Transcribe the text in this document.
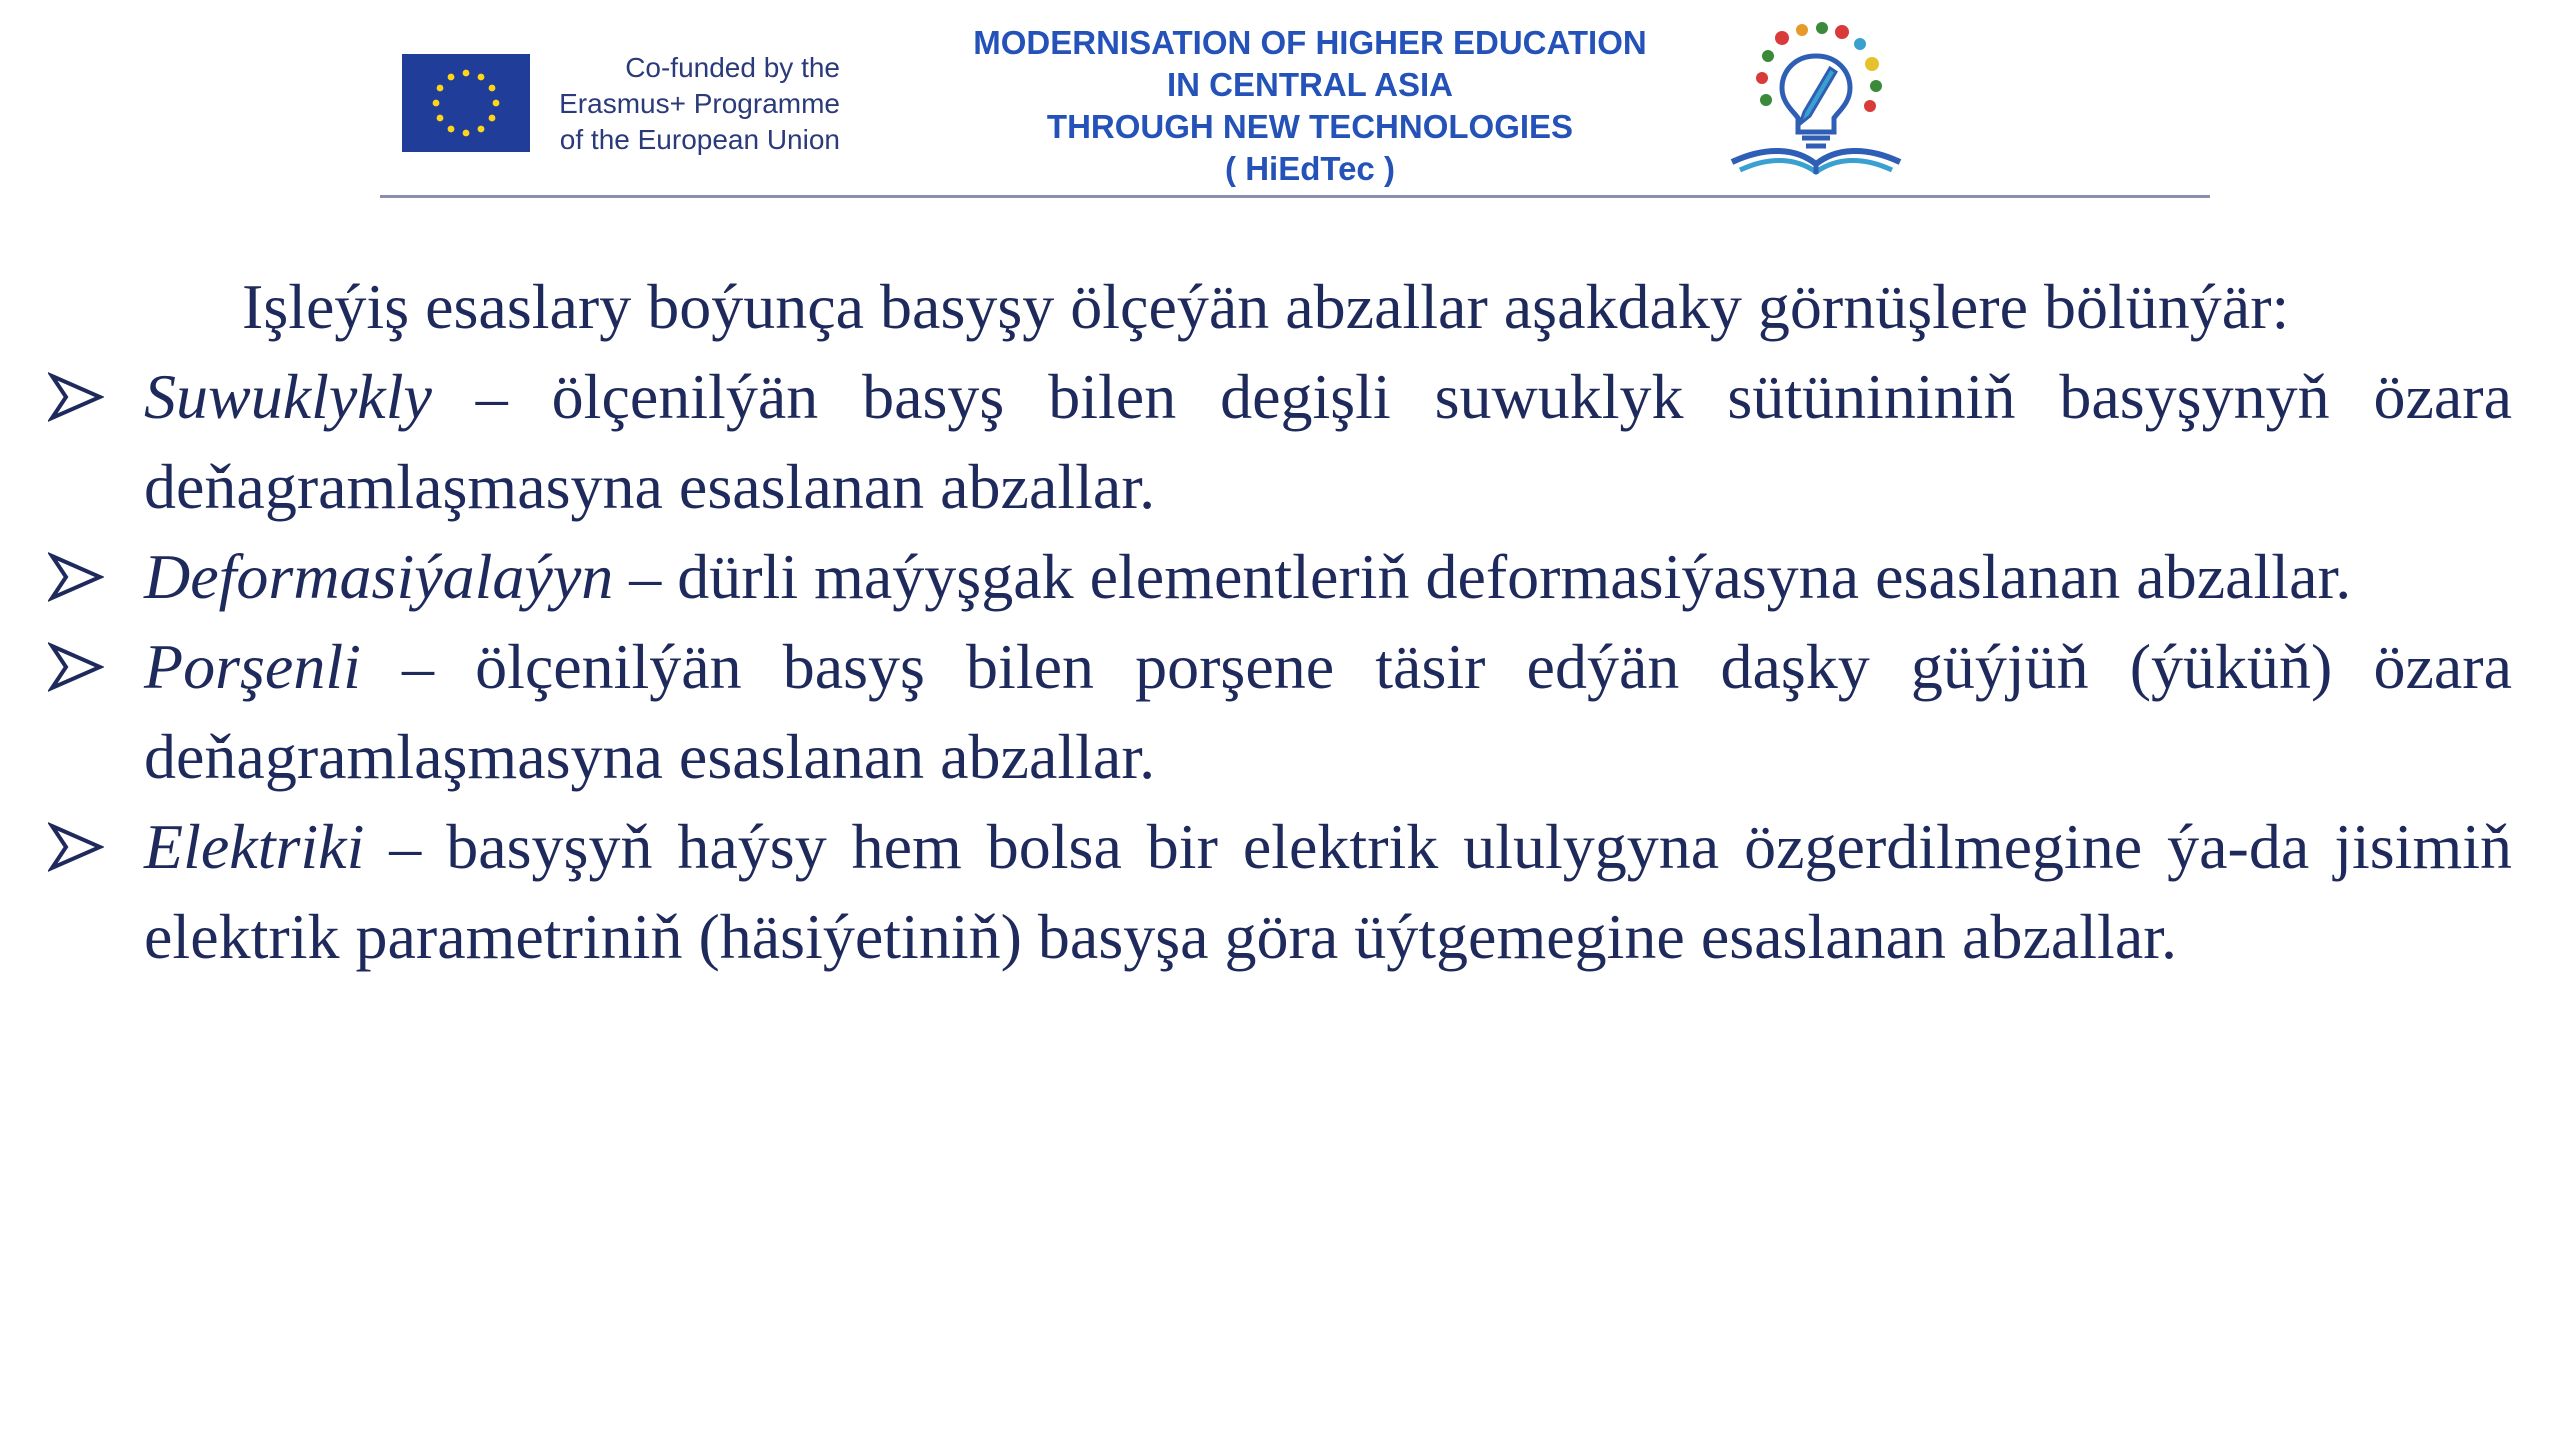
Co-funded by the
Erasmus+ Programme
of the European Union
MODERNISATION OF HIGHER EDUCATION
IN CENTRAL ASIA
THROUGH NEW TECHNOLOGIES
( HiEdTec )

Işleýiş esaslary boýunça basyşy ölçeýän abzallar aşakdaky görnüşlere bölünýär:

Suwuklykly – ölçenilýän basyş bilen degişli suwuklyk sütünininiň basyşynyň özara deňagramlaşmasyna esaslanan abzallar.
Deformasiýalaýyn – dürli maýyşgak elementleriň deformasiýasyna esaslanan abzallar.
Porşenli – ölçenilýän basyş bilen porşene täsir edýän daşky güýjüň (ýüküň) özara deňagramlaşmasyna esaslanan abzallar.
Elektriki – basyşyň haýsy hem bolsa bir elektrik ululygyna özgerdilmegine ýa-da jisimiň elektrik parametriniň (häsiýetiniň) basyşa göra üýtgemegine esaslanan abzallar.
